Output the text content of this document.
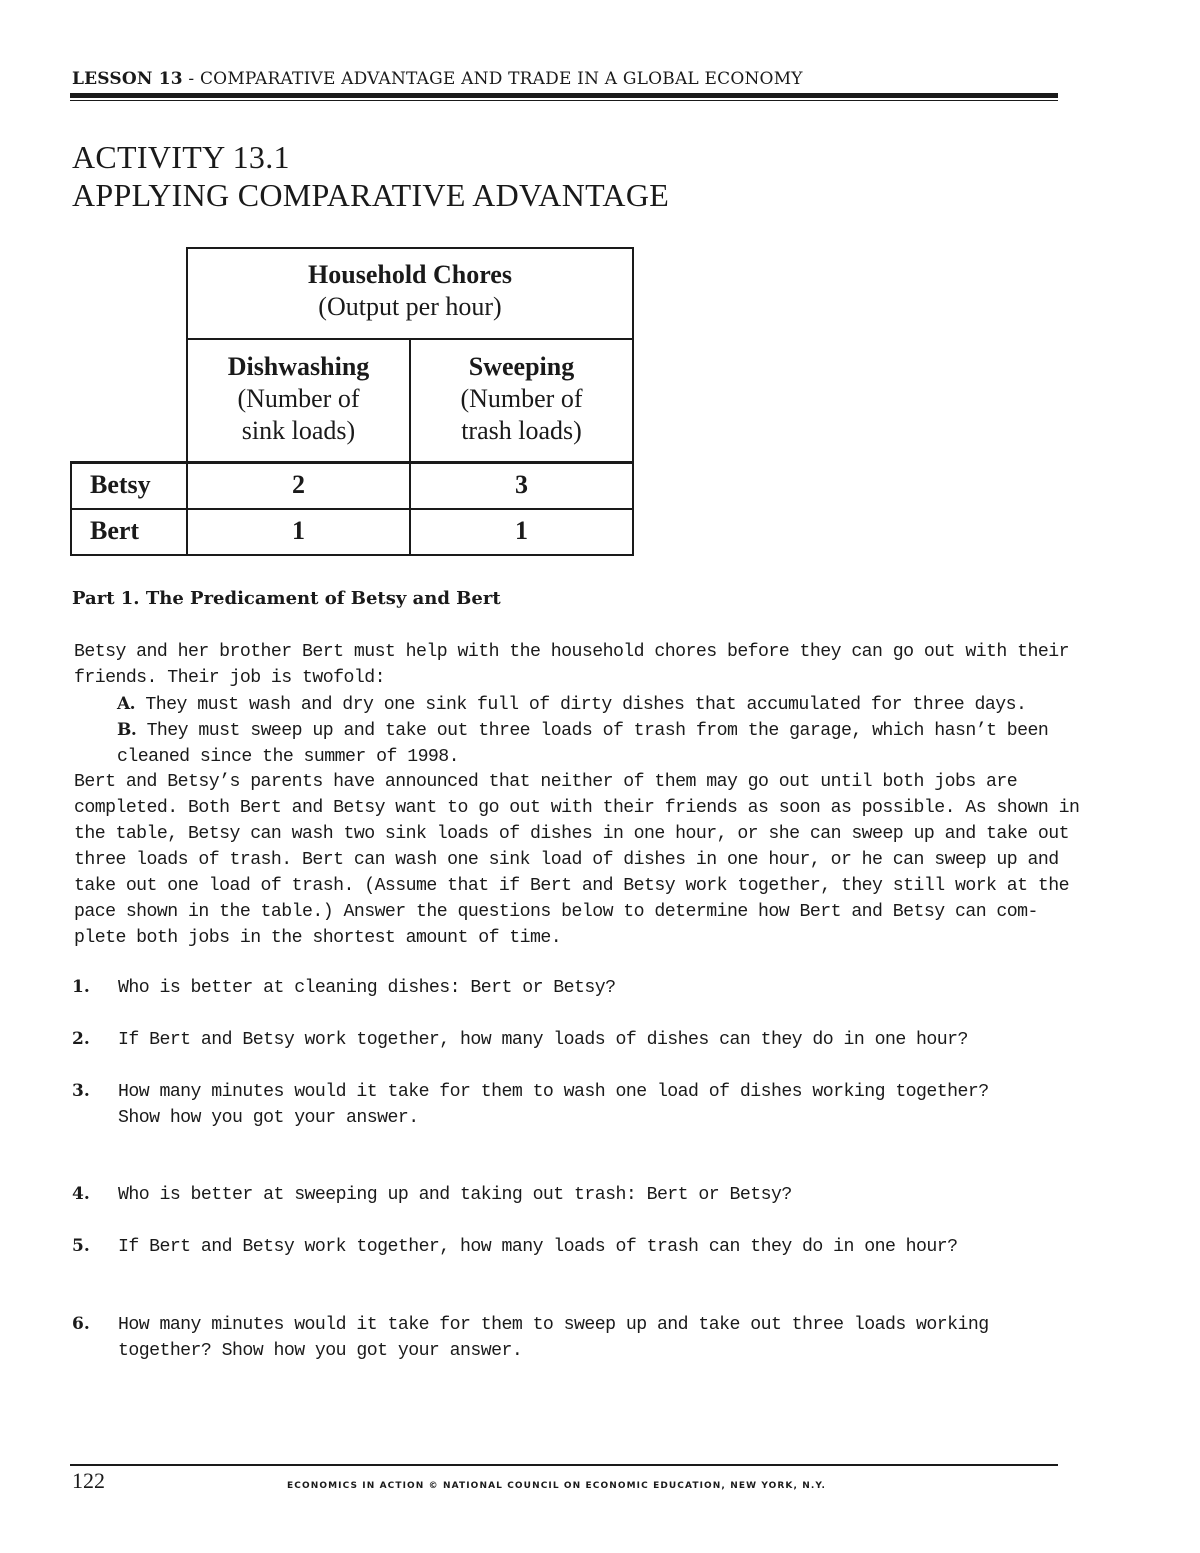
LESSON 13 - COMPARATIVE ADVANTAGE AND TRADE IN A GLOBAL ECONOMY
ACTIVITY 13.1
APPLYING COMPARATIVE ADVANTAGE
Household Chores
(Output per hour)
Dishwashing
(Number of
sink loads)
Sweeping
(Number of
trash loads)
Betsy	2	3
Bert	1	1
Part 1. The Predicament of Betsy and Bert
Betsy and her brother Bert must help with the household chores before they can go out with their
friends. Their job is twofold:
A. They must wash and dry one sink full of dirty dishes that accumulated for three days.
B. They must sweep up and take out three loads of trash from the garage, which hasn’t been
cleaned since the summer of 1998.
Bert and Betsy’s parents have announced that neither of them may go out until both jobs are
completed. Both Bert and Betsy want to go out with their friends as soon as possible. As shown in
the table, Betsy can wash two sink loads of dishes in one hour, or she can sweep up and take out
three loads of trash. Bert can wash one sink load of dishes in one hour, or he can sweep up and
take out one load of trash. (Assume that if Bert and Betsy work together, they still work at the
pace shown in the table.) Answer the questions below to determine how Bert and Betsy can com-
plete both jobs in the shortest amount of time.
1. Who is better at cleaning dishes: Bert or Betsy?
2. If Bert and Betsy work together, how many loads of dishes can they do in one hour?
3. How many minutes would it take for them to wash one load of dishes working together?
Show how you got your answer.
4. Who is better at sweeping up and taking out trash: Bert or Betsy?
5. If Bert and Betsy work together, how many loads of trash can they do in one hour?
6. How many minutes would it take for them to sweep up and take out three loads working
together? Show how you got your answer.
122	ECONOMICS IN ACTION © NATIONAL COUNCIL ON ECONOMIC EDUCATION, NEW YORK, N.Y.
